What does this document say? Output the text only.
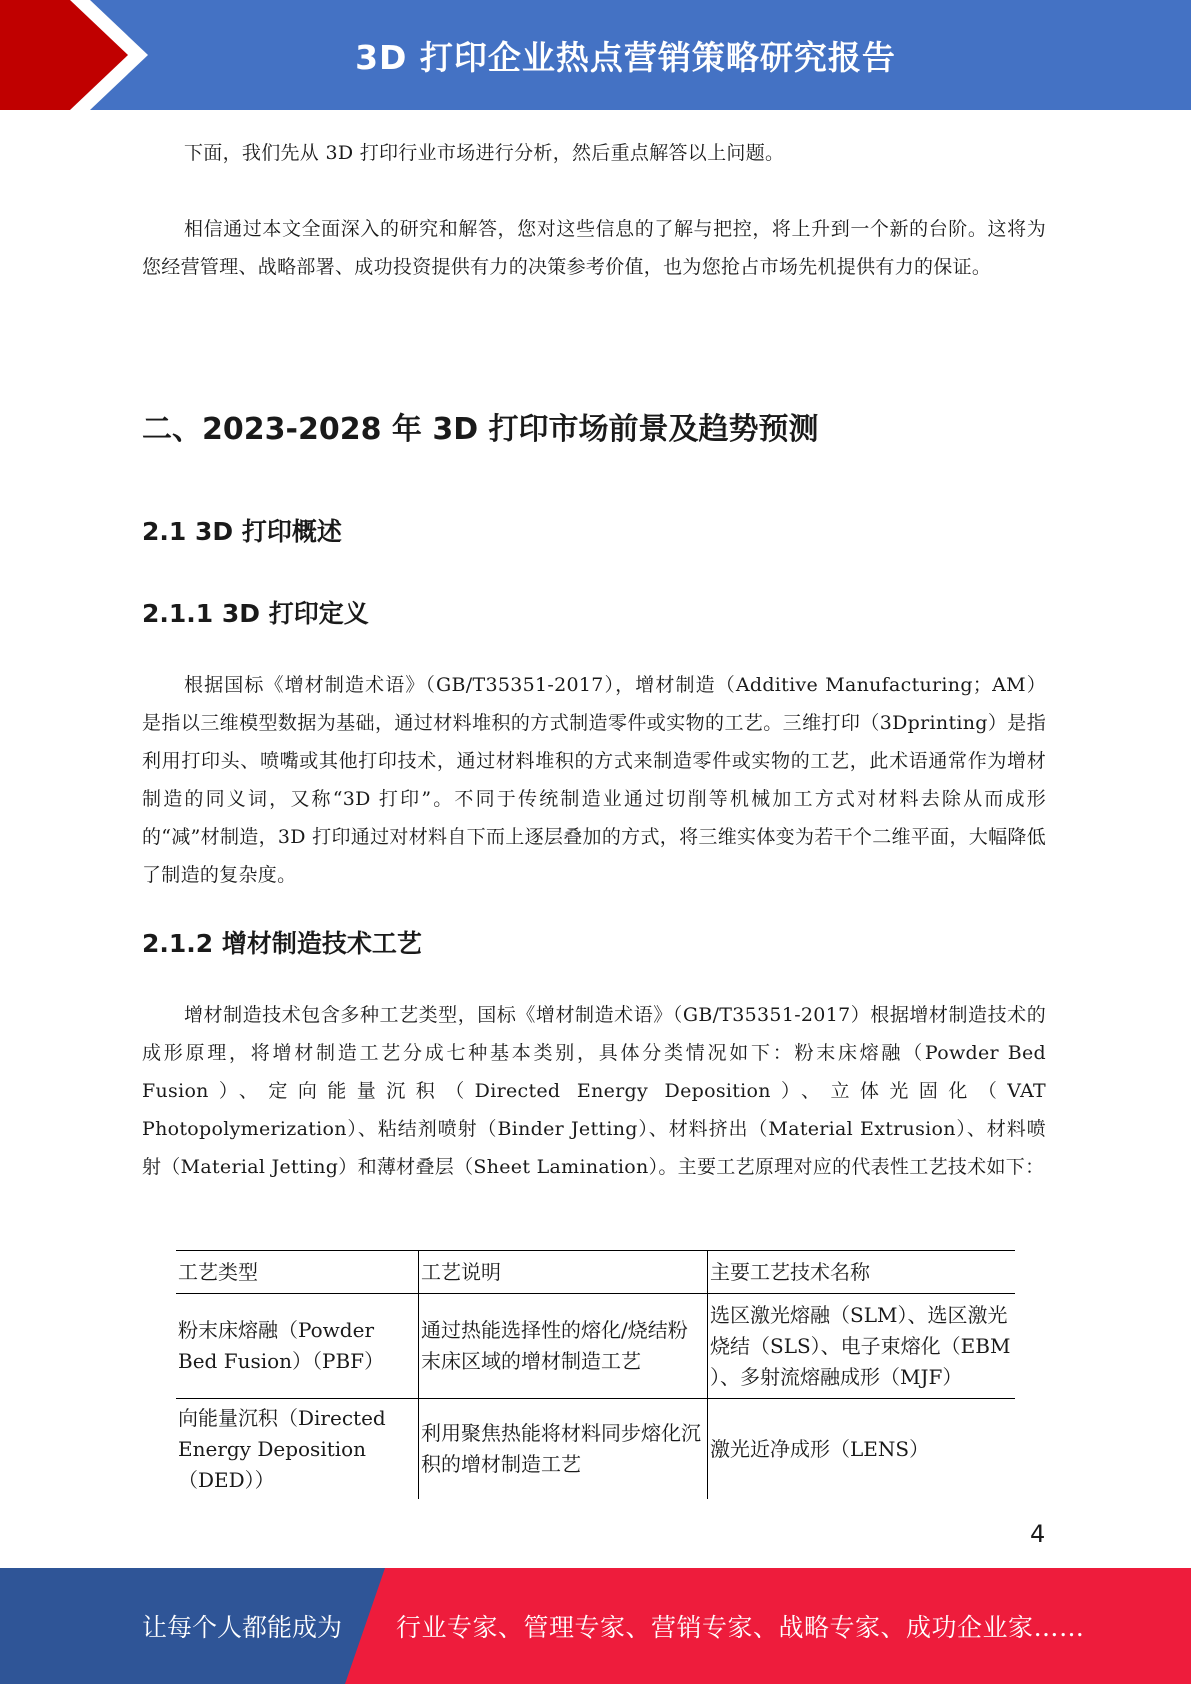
3D 打印企业热点营销策略研究报告

下面，我们先从 3D 打印行业市场进行分析，然后重点解答以上问题。

相信通过本文全面深入的研究和解答，您对这些信息的了解与把控，将上升到一个新的台阶。这将为您经营管理、战略部署、成功投资提供有力的决策参考价值，也为您抢占市场先机提供有力的保证。

二、2023-2028 年 3D 打印市场前景及趋势预测
2.1 3D 打印概述
2.1.1 3D 打印定义

根据国标《增材制造术语》（GB/T35351-2017），增材制造（Additive Manufacturing；AM）是指以三维模型数据为基础，通过材料堆积的方式制造零件或实物的工艺。三维打印（3Dprinting）是指利用打印头、喷嘴或其他打印技术，通过材料堆积的方式来制造零件或实物的工艺，此术语通常作为增材制造的同义词，又称“3D 打印”。不同于传统制造业通过切削等机械加工方式对材料去除从而成形的“减”材制造，3D 打印通过对材料自下而上逐层叠加的方式，将三维实体变为若干个二维平面，大幅降低了制造的复杂度。

2.1.2 增材制造技术工艺

增材制造技术包含多种工艺类型，国标《增材制造术语》（GB/T35351-2017）根据增材制造技术的成形原理，将增材制造工艺分成七种基本类别，具体分类情况如下：粉末床熔融（Powder Bed Fusion）、定向能量沉积（Directed Energy Deposition）、立体光固化（VAT Photopolymerization）、粘结剂喷射（Binder Jetting）、材料挤出（Material Extrusion）、材料喷射（Material Jetting）和薄材叠层（Sheet Lamination）。主要工艺原理对应的代表性工艺技术如下：

工艺类型	工艺说明	主要工艺技术名称
粉末床熔融（Powder Bed Fusion）（PBF）	通过热能选择性的熔化/烧结粉末床区域的增材制造工艺	选区激光熔融（SLM）、选区激光烧结（SLS）、电子束熔化（EBM ）、多射流熔融成形（MJF）

向能量沉积（Directed Energy Deposition （DED））	利用聚焦热能将材料同步熔化沉积的增材制造工艺	激光近净成形（LENS）
4
让每个人都能成为 行业专家、管理专家、营销专家、战略专家、成功企业家……
